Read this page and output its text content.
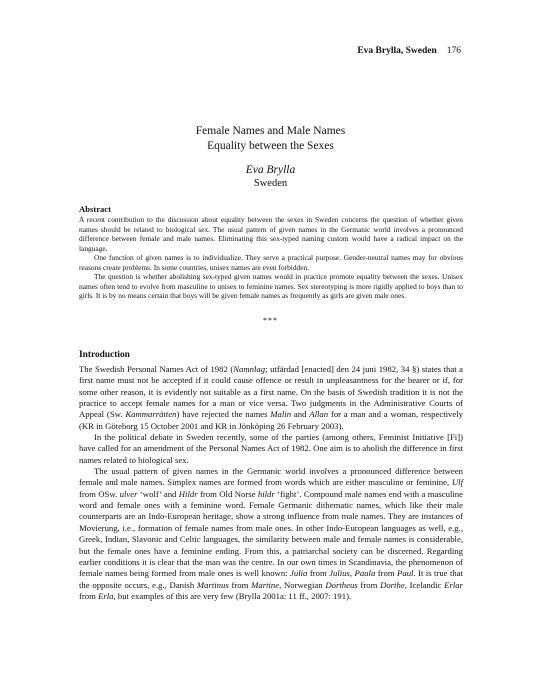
Eva Brylla, Sweden 176
Female Names and Male Names
Equality between the Sexes
Eva Brylla
Sweden
Abstract

A recent contribution to the discussion about equality between the sexes in Sweden concerns the question of whether given names should be related to biological sex. The usual pattern of given names in the Germanic world involves a pronounced difference between female and male names. Eliminating this sex-typed naming custom would have a radical impact on the language.

One function of given names is to individualize. They serve a practical purpose. Gender-neutral names may for obvious reasons create problems. In some countries, unisex names are even forbidden.

The question is whether abolishing sex-typed given names would in practice promote equality between the sexes. Unisex names often tend to evolve from masculine to unisex to feminine names. Sex stereotyping is more rigidly applied to boys than to girls. It is by no means certain that boys will be given female names as frequently as girls are given male ones.

***
Introduction

The Swedish Personal Names Act of 1982 (Namnlag; utfärdad [enacted] den 24 juni 1982, 34 §) states that a first name must not be accepted if it could cause offence or result in unpleasantness for the bearer or if, for some other reason, it is evidently not suitable as a first name. On the basis of Swedish tradition it is not the practice to accept female names for a man or vice versa. Two judgments in the Administrative Courts of Appeal (Sw. Kammarrätten) have rejected the names Malin and Allan for a man and a woman, respectively (KR in Göteborg 15 October 2001 and KR in Jönköping 26 February 2003).

In the political debate in Sweden recently, some of the parties (among others, Feminist Initiative [Fi]) have called for an amendment of the Personal Names Act of 1982. One aim is to abolish the difference in first names related to biological sex.

The usual pattern of given names in the Germanic world involves a pronounced difference between female and male names. Simplex names are formed from words which are either masculine or feminine, Ulf from OSw. ulver ‘wolf’ and Hildr from Old Norse hildr ‘fight’. Compound male names end with a masculine word and female ones with a feminine word. Female Germanic dithematic names, which like their male counterparts are an Indo-European heritage, show a strong influence from male names. They are instances of Movierung, i.e., formation of female names from male ones. In other Indo-European languages as well, e.g., Greek, Indian, Slavonic and Celtic languages, the similarity between male and female names is considerable, but the female ones have a feminine ending. From this, a patriarchal society can be discerned. Regarding earlier conditions it is clear that the man was the centre. In our own times in Scandinavia, the phenomenon of female names being formed from male ones is well known: Julia from Julius, Paula from Paul. It is true that the opposite occurs, e.g., Danish Martinus from Martine, Norwegian Dortheus from Dorthe, Icelandic Erlar from Erla, but examples of this are very few (Brylla 2001a: 11 ff., 2007: 191).
